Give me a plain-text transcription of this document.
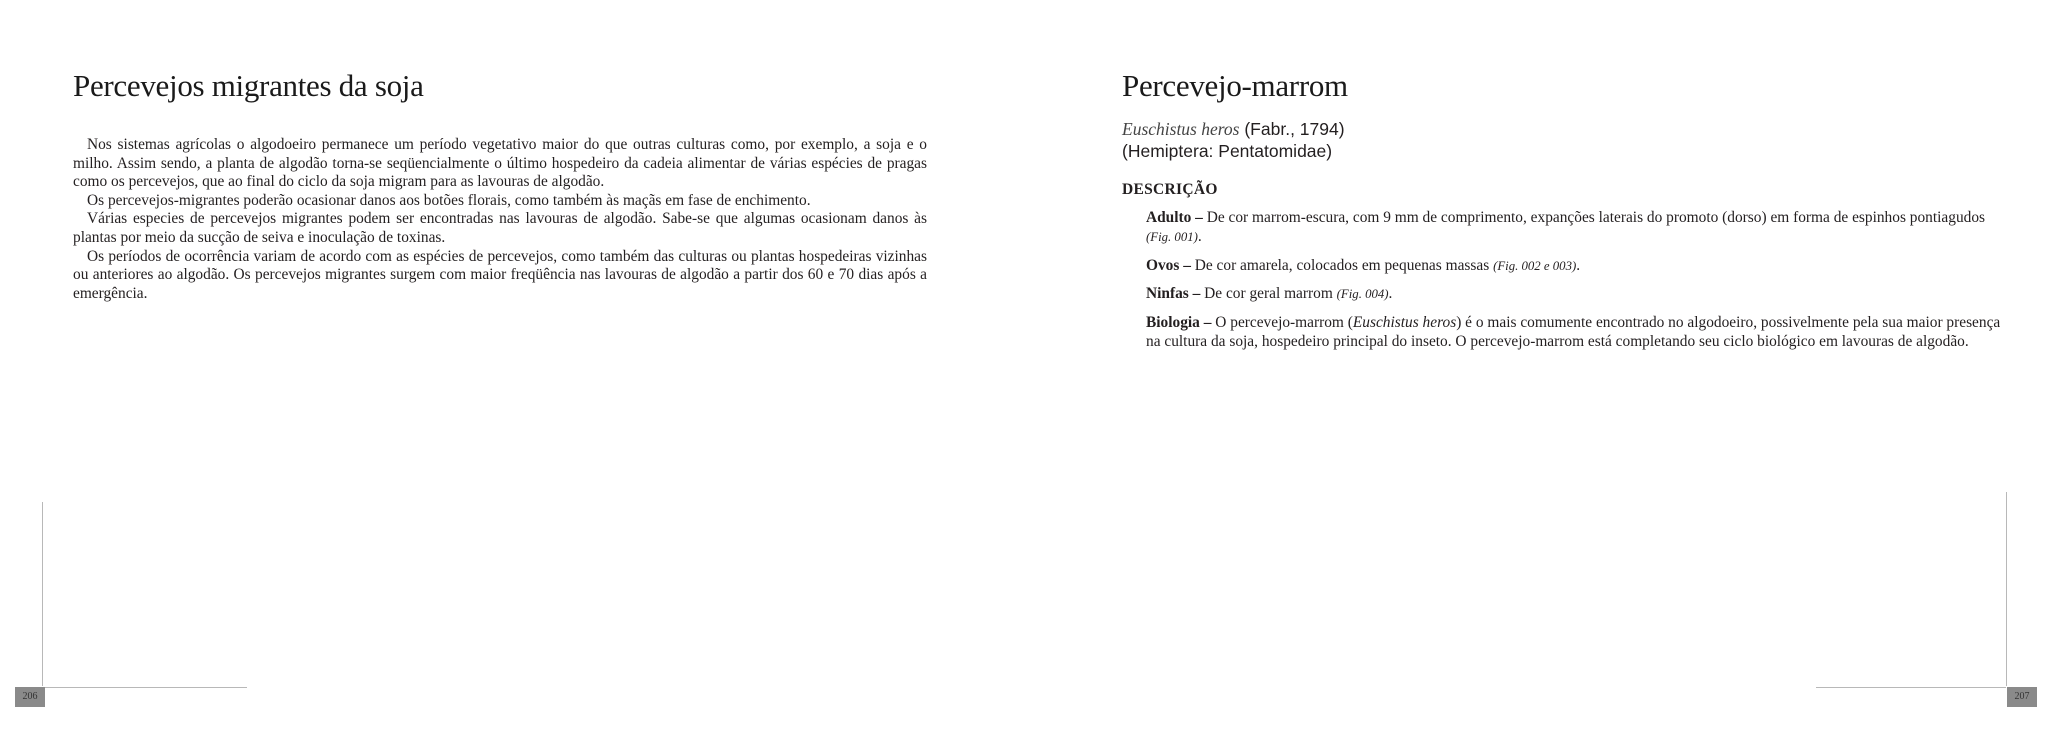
Percevejos migrantes da soja

Nos sistemas agrícolas o algodoeiro permanece um período vegetativo maior do que outras culturas como, por exemplo, a soja e o milho. Assim sendo, a planta de algodão torna-se seqüencialmente o último hospedeiro da cadeia alimentar de várias espécies de pragas como os percevejos, que ao final do ciclo da soja migram para as lavouras de algodão.

Os percevejos-migrantes poderão ocasionar danos aos botões florais, como também às maçãs em fase de enchimento.

Várias especies de percevejos migrantes podem ser encontradas nas lavouras de algodão. Sabe-se que algumas ocasionam danos às plantas por meio da sucção de seiva e inoculação de toxinas.

Os períodos de ocorrência variam de acordo com as espécies de percevejos, como também das culturas ou plantas hospedeiras vizinhas ou anteriores ao algodão. Os percevejos migrantes surgem com maior freqüência nas lavouras de algodão a partir dos 60 e 70 dias após a emergência.

206
Percevejo-marrom
Euschistus heros (Fabr., 1794)
(Hemiptera: Pentatomidae)
DESCRIÇÃO

Adulto – De cor marrom-escura, com 9 mm de comprimento, expanções laterais do promoto (dorso) em forma de espinhos pontiagudos (Fig. 001).

Ovos – De cor amarela, colocados em pequenas massas (Fig. 002 e 003).

Ninfas – De cor geral marrom (Fig. 004).

Biologia – O percevejo-marrom (Euschistus heros) é o mais comumente encontrado no algodoeiro, possivelmente pela sua maior presença na cultura da soja, hospedeiro principal do inseto. O percevejo-marrom está completando seu ciclo biológico em lavouras de algodão.

207
